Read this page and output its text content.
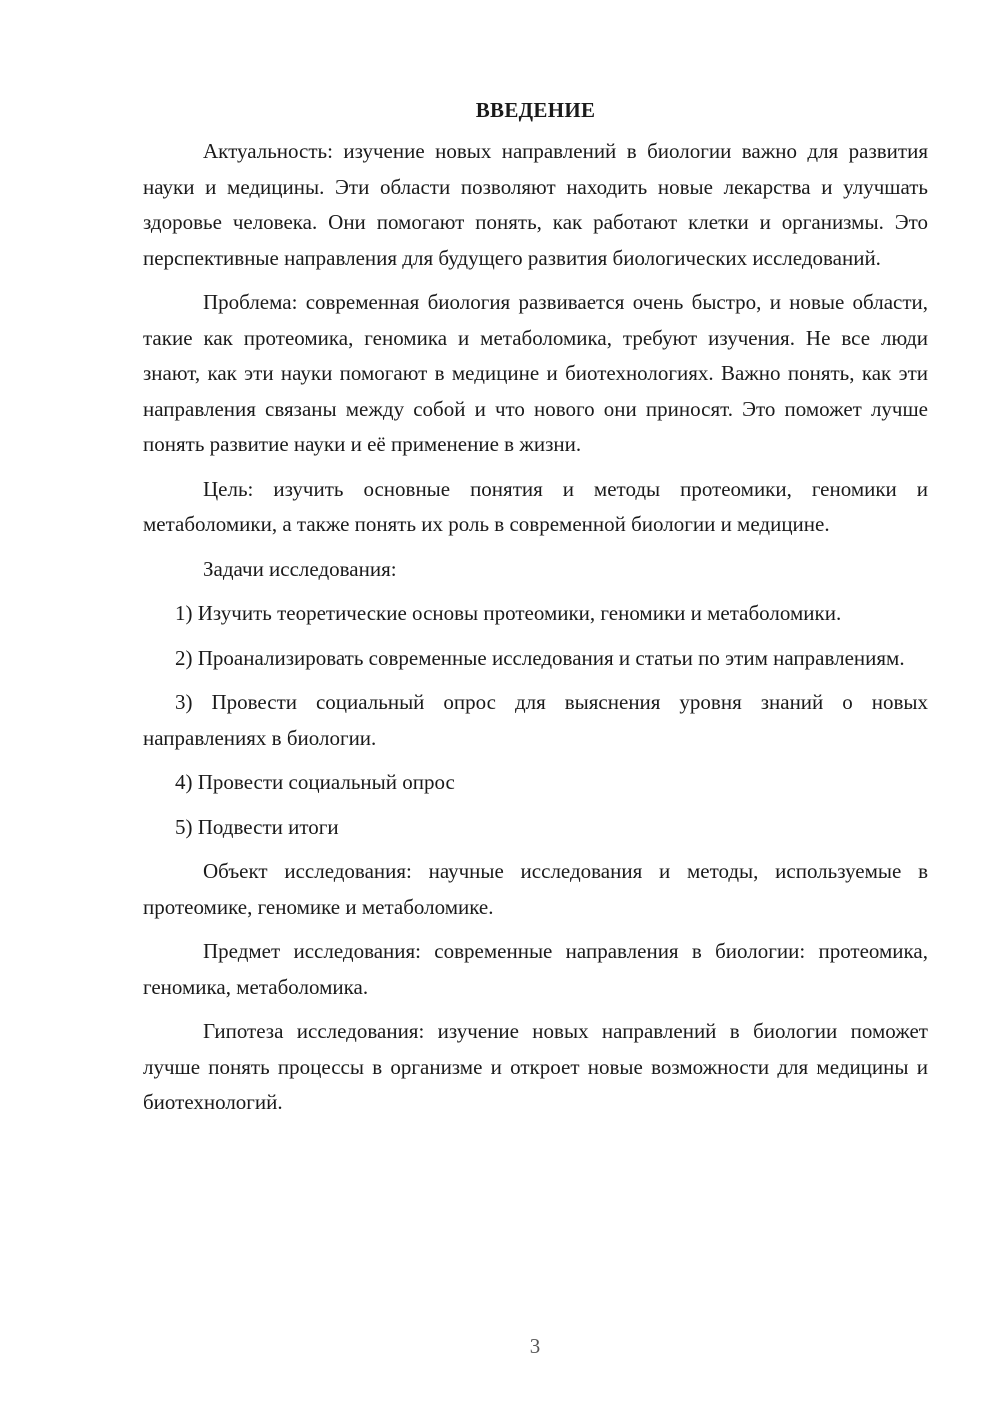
ВВЕДЕНИЕ

Актуальность: изучение новых направлений в биологии важно для развития науки и медицины. Эти области позволяют находить новые лекарства и улучшать здоровье человека. Они помогают понять, как работают клетки и организмы. Это перспективные направления для будущего развития биологических исследований.

Проблема: современная биология развивается очень быстро, и новые области, такие как протеомика, геномика и метаболомика, требуют изучения. Не все люди знают, как эти науки помогают в медицине и биотехнологиях. Важно понять, как эти направления связаны между собой и что нового они приносят. Это поможет лучше понять развитие науки и её применение в жизни.

Цель: изучить основные понятия и методы протеомики, геномики и метаболомики, а также понять их роль в современной биологии и медицине.

Задачи исследования:

1) Изучить теоретические основы протеомики, геномики и метаболомики.

2) Проанализировать современные исследования и статьи по этим направлениям.

3) Провести социальный опрос для выяснения уровня знаний о новых направлениях в биологии.

4) Провести социальный опрос

5) Подвести итоги

Объект исследования: научные исследования и методы, используемые в протеомике, геномике и метаболомике.

Предмет исследования: современные направления в биологии: протеомика, геномика, метаболомика.

Гипотеза исследования: изучение новых направлений в биологии поможет лучше понять процессы в организме и откроет новые возможности для медицины и биотехнологий.

3
